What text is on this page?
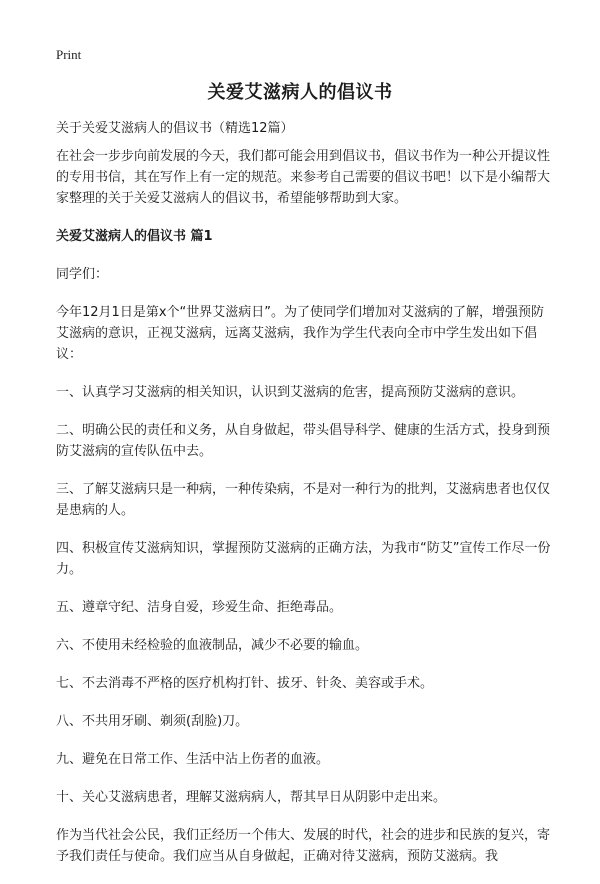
Print
关爱艾滋病人的倡议书

关于关爱艾滋病人的倡议书（精选12篇）

在社会一步步向前发展的今天，我们都可能会用到倡议书，倡议书作为一种公开提议性的专用书信，其在写作上有一定的规范。来参考自己需要的倡议书吧！以下是小编帮大家整理的关于关爱艾滋病人的倡议书，希望能够帮助到大家。

关爱艾滋病人的倡议书 篇1

同学们：

今年12月1日是第x个“世界艾滋病日”。为了使同学们增加对艾滋病的了解，增强预防艾滋病的意识，正视艾滋病，远离艾滋病，我作为学生代表向全市中学生发出如下倡议：

一、认真学习艾滋病的相关知识，认识到艾滋病的危害，提高预防艾滋病的意识。

二、明确公民的责任和义务，从自身做起，带头倡导科学、健康的生活方式，投身到预防艾滋病的宣传队伍中去。

三、了解艾滋病只是一种病，一种传染病，不是对一种行为的批判，艾滋病患者也仅仅是患病的人。

四、积极宣传艾滋病知识，掌握预防艾滋病的正确方法，为我市“防艾”宣传工作尽一份力。

五、遵章守纪、洁身自爱，珍爱生命、拒绝毒品。

六、不使用未经检验的血液制品，减少不必要的输血。

七、不去消毒不严格的医疗机构打针、拔牙、针灸、美容或手术。

八、不共用牙刷、剃须(刮脸)刀。

九、避免在日常工作、生活中沾上伤者的血液。

十、关心艾滋病患者，理解艾滋病病人，帮其早日从阴影中走出来。

作为当代社会公民，我们正经历一个伟大、发展的时代，社会的进步和民族的复兴，寄予我们责任与使命。我们应当从自身做起，正确对待艾滋病，预防艾滋病。我
